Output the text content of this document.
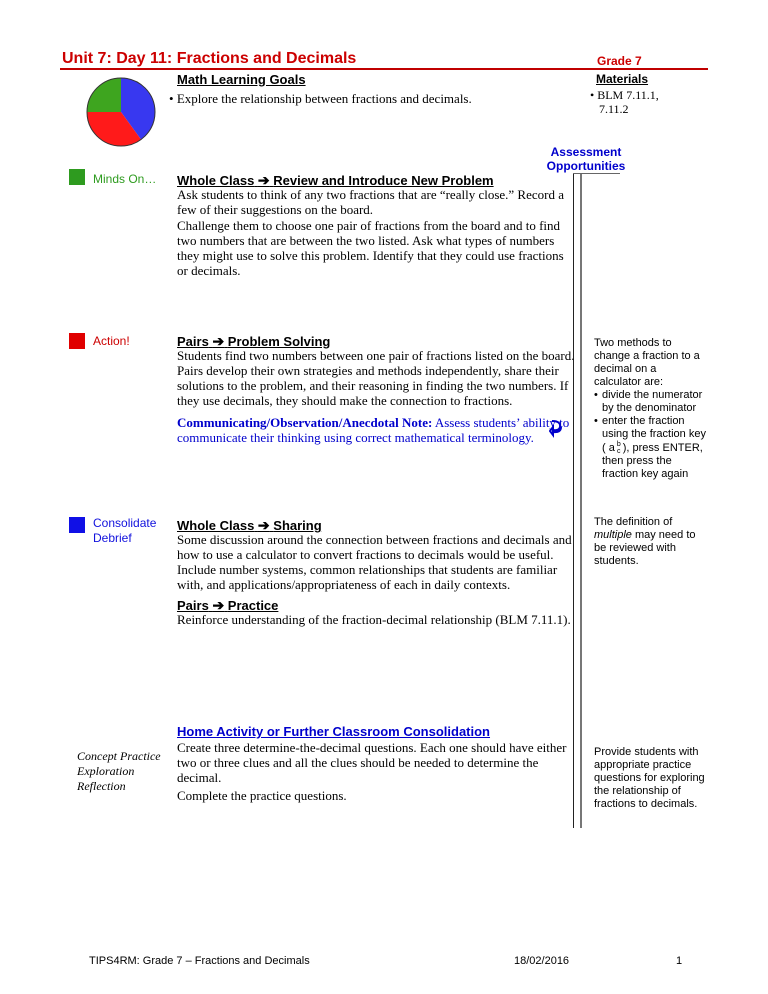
Unit 7: Day 11: Fractions and Decimals	Grade 7
Math Learning Goals
• Explore the relationship between fractions and decimals.
Materials
• BLM 7.11.1,
7.11.2
Assessment
Opportunities
Minds On…
Action!
Consolidate
Debrief
Whole Class ➔ Review and Introduce New Problem
Ask students to think of any two fractions that are “really close.” Record a few of their suggestions on the board.
Challenge them to choose one pair of fractions from the board and to find two numbers that are between the two listed. Ask what types of numbers they might use to solve this problem. Identify that they could use fractions or decimals.
Pairs ➔ Problem Solving
Students find two numbers between one pair of fractions listed on the board. Pairs develop their own strategies and methods independently, share their solutions to the problem, and their reasoning in finding the two numbers. If they use decimals, they should make the connection to fractions.
Communicating/Observation/Anecdotal Note: Assess students’ ability to communicate their thinking using correct mathematical terminology.
Whole Class ➔ Sharing
Some discussion around the connection between fractions and decimals and how to use a calculator to convert fractions to decimals would be useful. Include number systems, common relationships that students are familiar with, and applications/appropriateness of each in daily contexts.
Pairs ➔ Practice
Reinforce understanding of the fraction-decimal relationship (BLM 7.11.1).
Home Activity or Further Classroom Consolidation
Concept Practice
Exploration
Reflection
Create three determine-the-decimal questions. Each one should have either two or three clues and all the clues should be needed to determine the decimal.
Complete the practice questions.
Two methods to change a fraction to a decimal on a calculator are:
• divide the numerator by the denominator
• enter the fraction using the fraction key ( a b
c ), press ENTER, then press the fraction key again
The definition of multiple may need to be reviewed with students.
Provide students with appropriate practice questions for exploring the relationship of fractions to decimals.
TIPS4RM: Grade 7 – Fractions and Decimals	18/02/2016	1
